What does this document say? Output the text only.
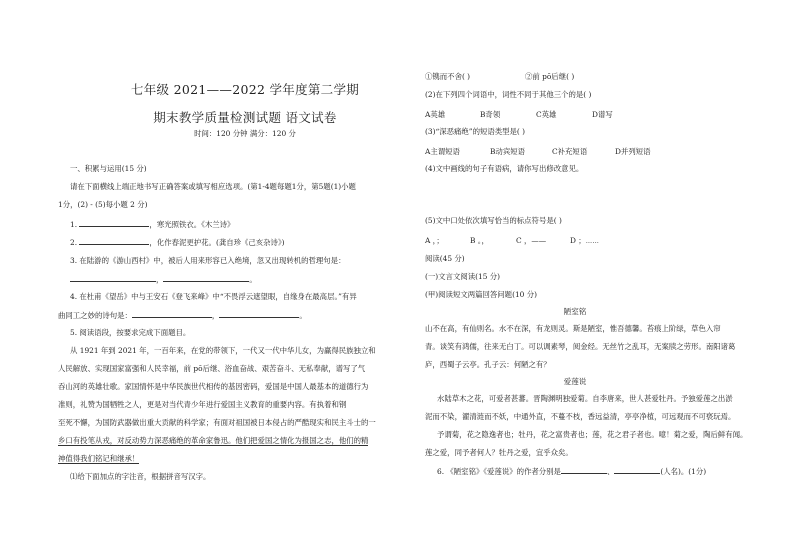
七年级 2021——2022 学年度第二学期
期末教学质量检测试题 语文试卷
时间：120 分钟 满分：120 分
一、积累与运用(15 分)
请在下面横线上端正地书写正确答案或填写相应选项。(第1-4题每题1分，第5题(1)小题
1分，(2) - (5)每小题 2 分)
1.	，寒光照铁衣。《木兰诗》
2.	，化作春泥更护花。(龚自珍《己亥杂诗》)
3. 在陆游的《游山西村》中，被后人用来形容已入绝境，忽又出现转机的哲理句是：
，	。
4. 在杜甫《望岳》中与王安石《登飞来峰》中“不畏浮云遮望眼，自缘身在最高层。”有异
曲同工之妙的诗句是：	，	。
5. 阅读语段，按要求完成下面题目。
从 1921 年到 2021 年，一百年来，在党的带领下，一代又一代中华儿女，为赢得民族独立和
人民解放、实现国家富强和人民幸福，前 pō后继、浴血奋战、艰苦奋斗、无私奉献，谱写了气
吞山河的英雄壮歌。家国情怀是中华民族世代相传的基因密码，爱国是中国人最基本的道德行为
准则，礼赞为国牺牲之人，更是对当代青少年进行爱国主义教育的重要内容。有执着和钢
至死不懈，为国防武器做出重大贡献的科学家；有面对祖国被日本侵占的严酷现实和民主斗士的一
乡口有投笔从戎，对反动势力深恶痛绝的革命家鲁迅。他们把爱国之情化为报国之志，他们的精
神值得我们铭记和继承！
⑴给下面加点的字注音，根据拼音写汉字。
①镌而不舍( )	②前 pō后继( )
(2)在下列四个词语中，词性不同于其他三个的是( )
A英雄	B奇领	C英雄	D谱写
(3)“深恶痛绝”的短语类型是( )
A主谓短语	B动宾短语	C补充短语	D并列短语
(4)文中画线的句子有语病，请你写出修改意见。
(5)文中口处依次填写恰当的标点符号是( )
A ，；	B 。，	C ，——	D ；⋯⋯
阅读(45 分)
(一)文言文阅读(15 分)
(甲)阅读短文两篇回答问题(10 分)
陋室铭
山不在高，有仙则名。水不在深，有龙则灵。斯是陋室，惟吾德馨。苔痕上阶绿，草色入帘
青。谈笑有鸿儒，往来无白丁。可以调素琴，阅金经。无丝竹之乱耳，无案牍之劳形。南阳诸葛
庐，西蜀子云亭。孔子云：何陋之有？
爱莲说
水陆草木之花，可爱者甚蕃。晋陶渊明独爱菊。自李唐来，世人甚爱牡丹。予独爱莲之出淤
泥而不染，濯清涟而不妖，中通外直，不蔓不枝，香远益清，亭亭净植，可远观而不可亵玩焉。
予谓菊，花之隐逸者也；牡丹，花之富贵者也；莲，花之君子者也。噫！菊之爱，陶后鲜有闻。
莲之爱，同予者何人？牡丹之爱，宜乎众矣。
6. 《陋室铭》《爱莲说》的作者分别是	、	(人名)。(1分)
